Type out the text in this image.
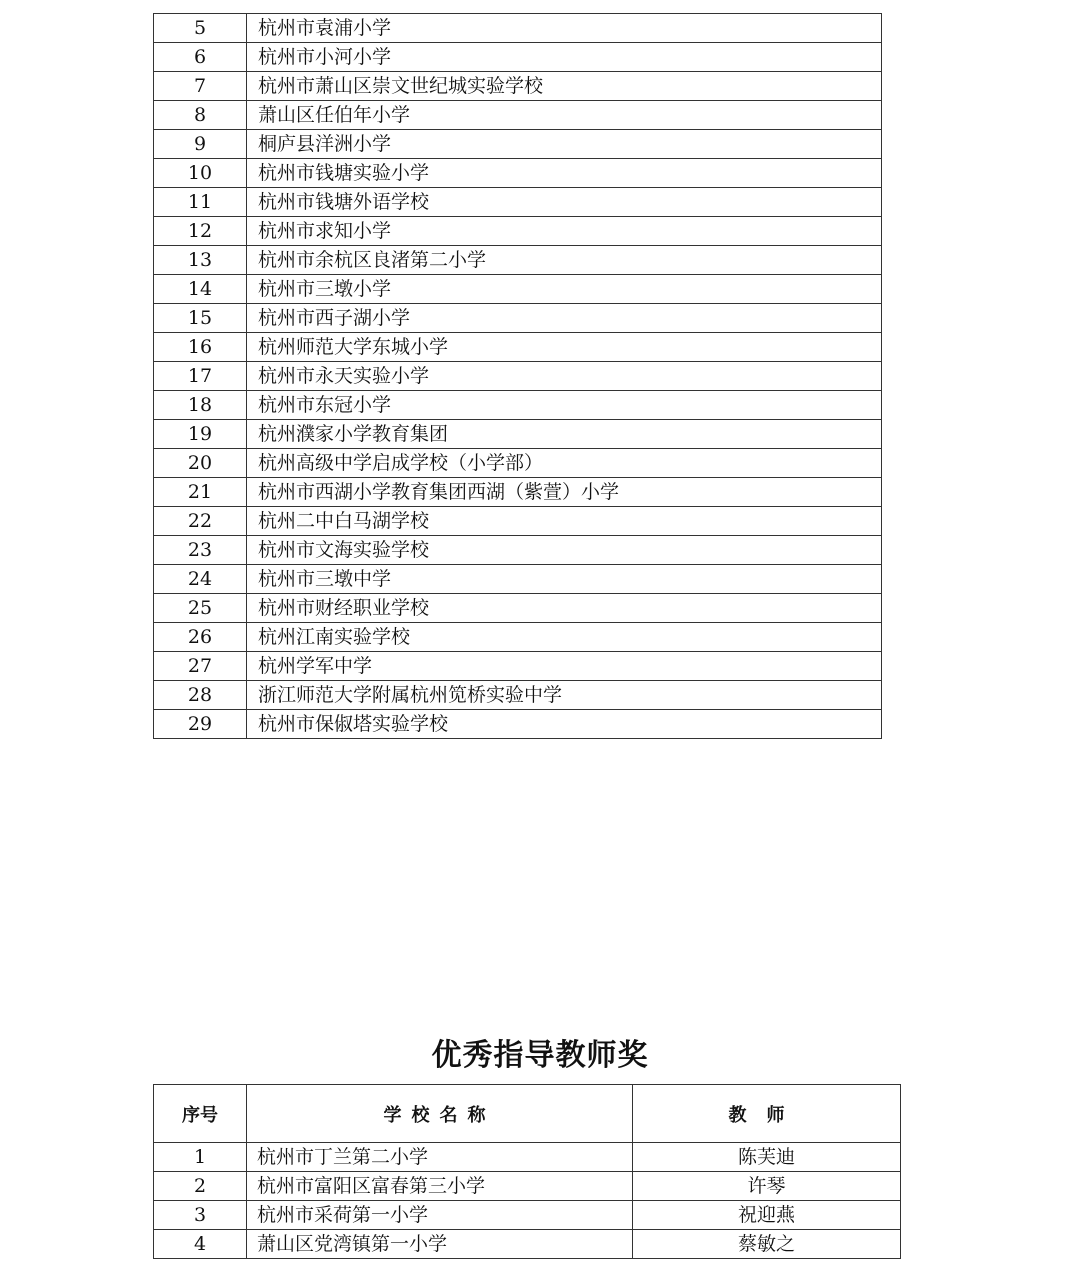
5	杭州市袁浦小学
6	杭州市小河小学
7	杭州市萧山区崇文世纪城实验学校
8	萧山区任伯年小学
9	桐庐县洋洲小学
10	杭州市钱塘实验小学
11	杭州市钱塘外语学校
12	杭州市求知小学
13	杭州市余杭区良渚第二小学
14	杭州市三墩小学
15	杭州市西子湖小学
16	杭州师范大学东城小学
17	杭州市永天实验小学
18	杭州市东冠小学
19	杭州濮家小学教育集团
20	杭州高级中学启成学校（小学部）
21	杭州市西湖小学教育集团西湖（紫萱）小学
22	杭州二中白马湖学校
23	杭州市文海实验学校
24	杭州市三墩中学
25	杭州市财经职业学校
26	杭州江南实验学校
27	杭州学军中学
28	浙江师范大学附属杭州笕桥实验中学
29	杭州市保俶塔实验学校
优秀指导教师奖
序号	学校名称	教师
1	杭州市丁兰第二小学	陈芙迪
2	杭州市富阳区富春第三小学	许琴
3	杭州市采荷第一小学	祝迎燕
4	萧山区党湾镇第一小学	蔡敏之
